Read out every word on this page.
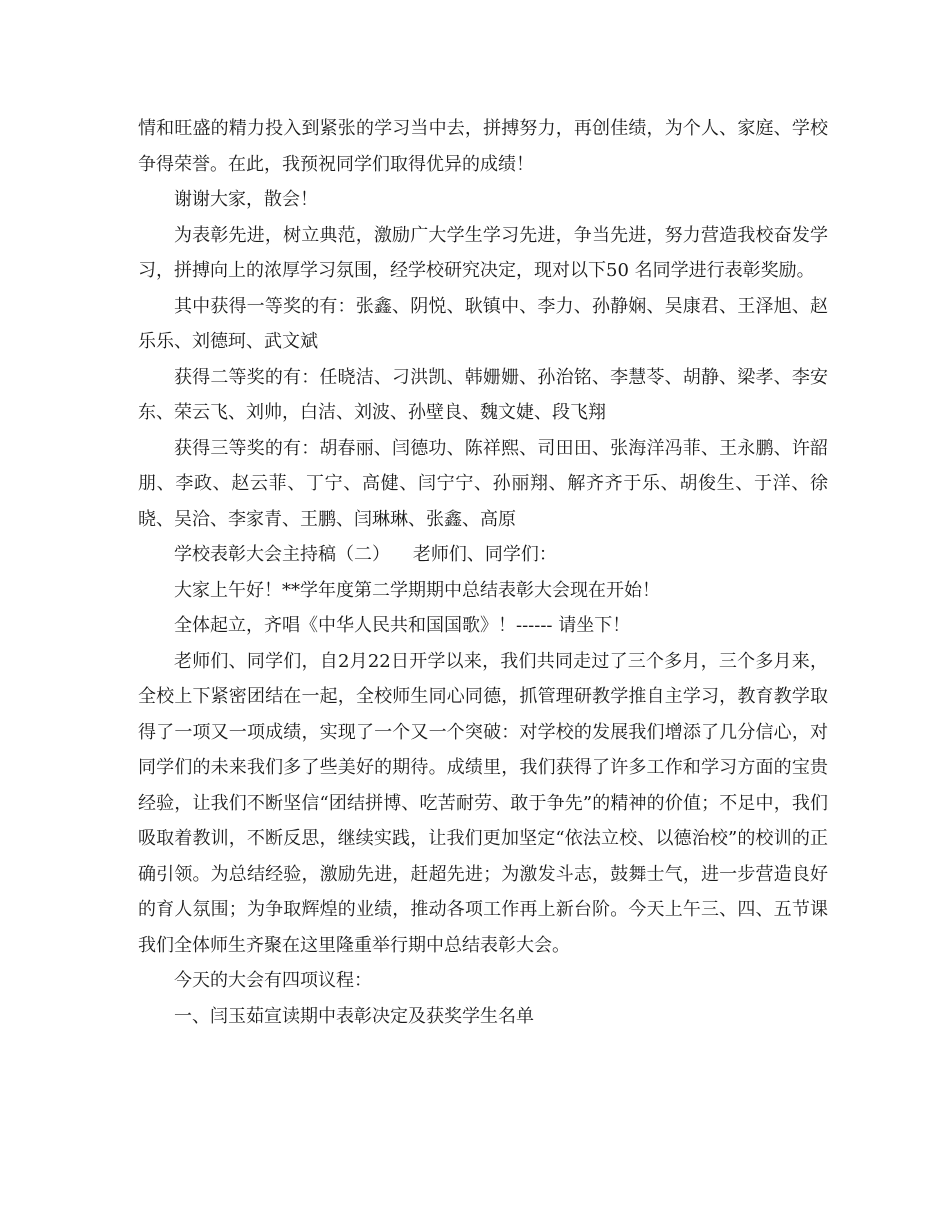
情和旺盛的精力投入到紧张的学习当中去，拼搏努力，再创佳绩，为个人、家庭、学校争得荣誉。在此，我预祝同学们取得优异的成绩！

谢谢大家，散会！

为表彰先进，树立典范，激励广大学生学习先进，争当先进，努力营造我校奋发学习，拼搏向上的浓厚学习氛围，经学校研究决定，现对以下50 名同学进行表彰奖励。

其中获得一等奖的有：张鑫、阴悦、耿镇中、李力、孙静娴、吴康君、王泽旭、赵乐乐、刘德珂、武文斌

获得二等奖的有：任晓洁、刁洪凯、韩姗姗、孙治铭、李慧苓、胡静、梁孝、李安东、荣云飞、刘帅，白洁、刘波、孙壁良、魏文婕、段飞翔

获得三等奖的有：胡春丽、闫德功、陈祥熙、司田田、张海洋冯菲、王永鹏、许韶朋、李政、赵云菲、丁宁、高健、闫宁宁、孙丽翔、解齐齐于乐、胡俊生、于洋、徐晓、吴洽、李家青、王鹏、闫琳琳、张鑫、高原

学校表彰大会主持稿（二）    老师们、同学们：

大家上午好！**学年度第二学期期中总结表彰大会现在开始！

全体起立，齐唱《中华人民共和国国歌》！------ 请坐下！

老师们、同学们，自2月22日开学以来，我们共同走过了三个多月，三个多月来，全校上下紧密团结在一起，全校师生同心同德，抓管理研教学推自主学习，教育教学取得了一项又一项成绩，实现了一个又一个突破：对学校的发展我们增添了几分信心，对同学们的未来我们多了些美好的期待。成绩里，我们获得了许多工作和学习方面的宝贵经验，让我们不断坚信“团结拼博、吃苦耐劳、敢于争先”的精神的价值；不足中，我们吸取着教训，不断反思，继续实践，让我们更加坚定“依法立校、以德治校”的校训的正确引领。为总结经验，激励先进，赶超先进；为激发斗志，鼓舞士气，进一步营造良好的育人氛围；为争取辉煌的业绩，推动各项工作再上新台阶。今天上午三、四、五节课我们全体师生齐聚在这里隆重举行期中总结表彰大会。

今天的大会有四项议程：

一、闫玉茹宣读期中表彰决定及获奖学生名单
